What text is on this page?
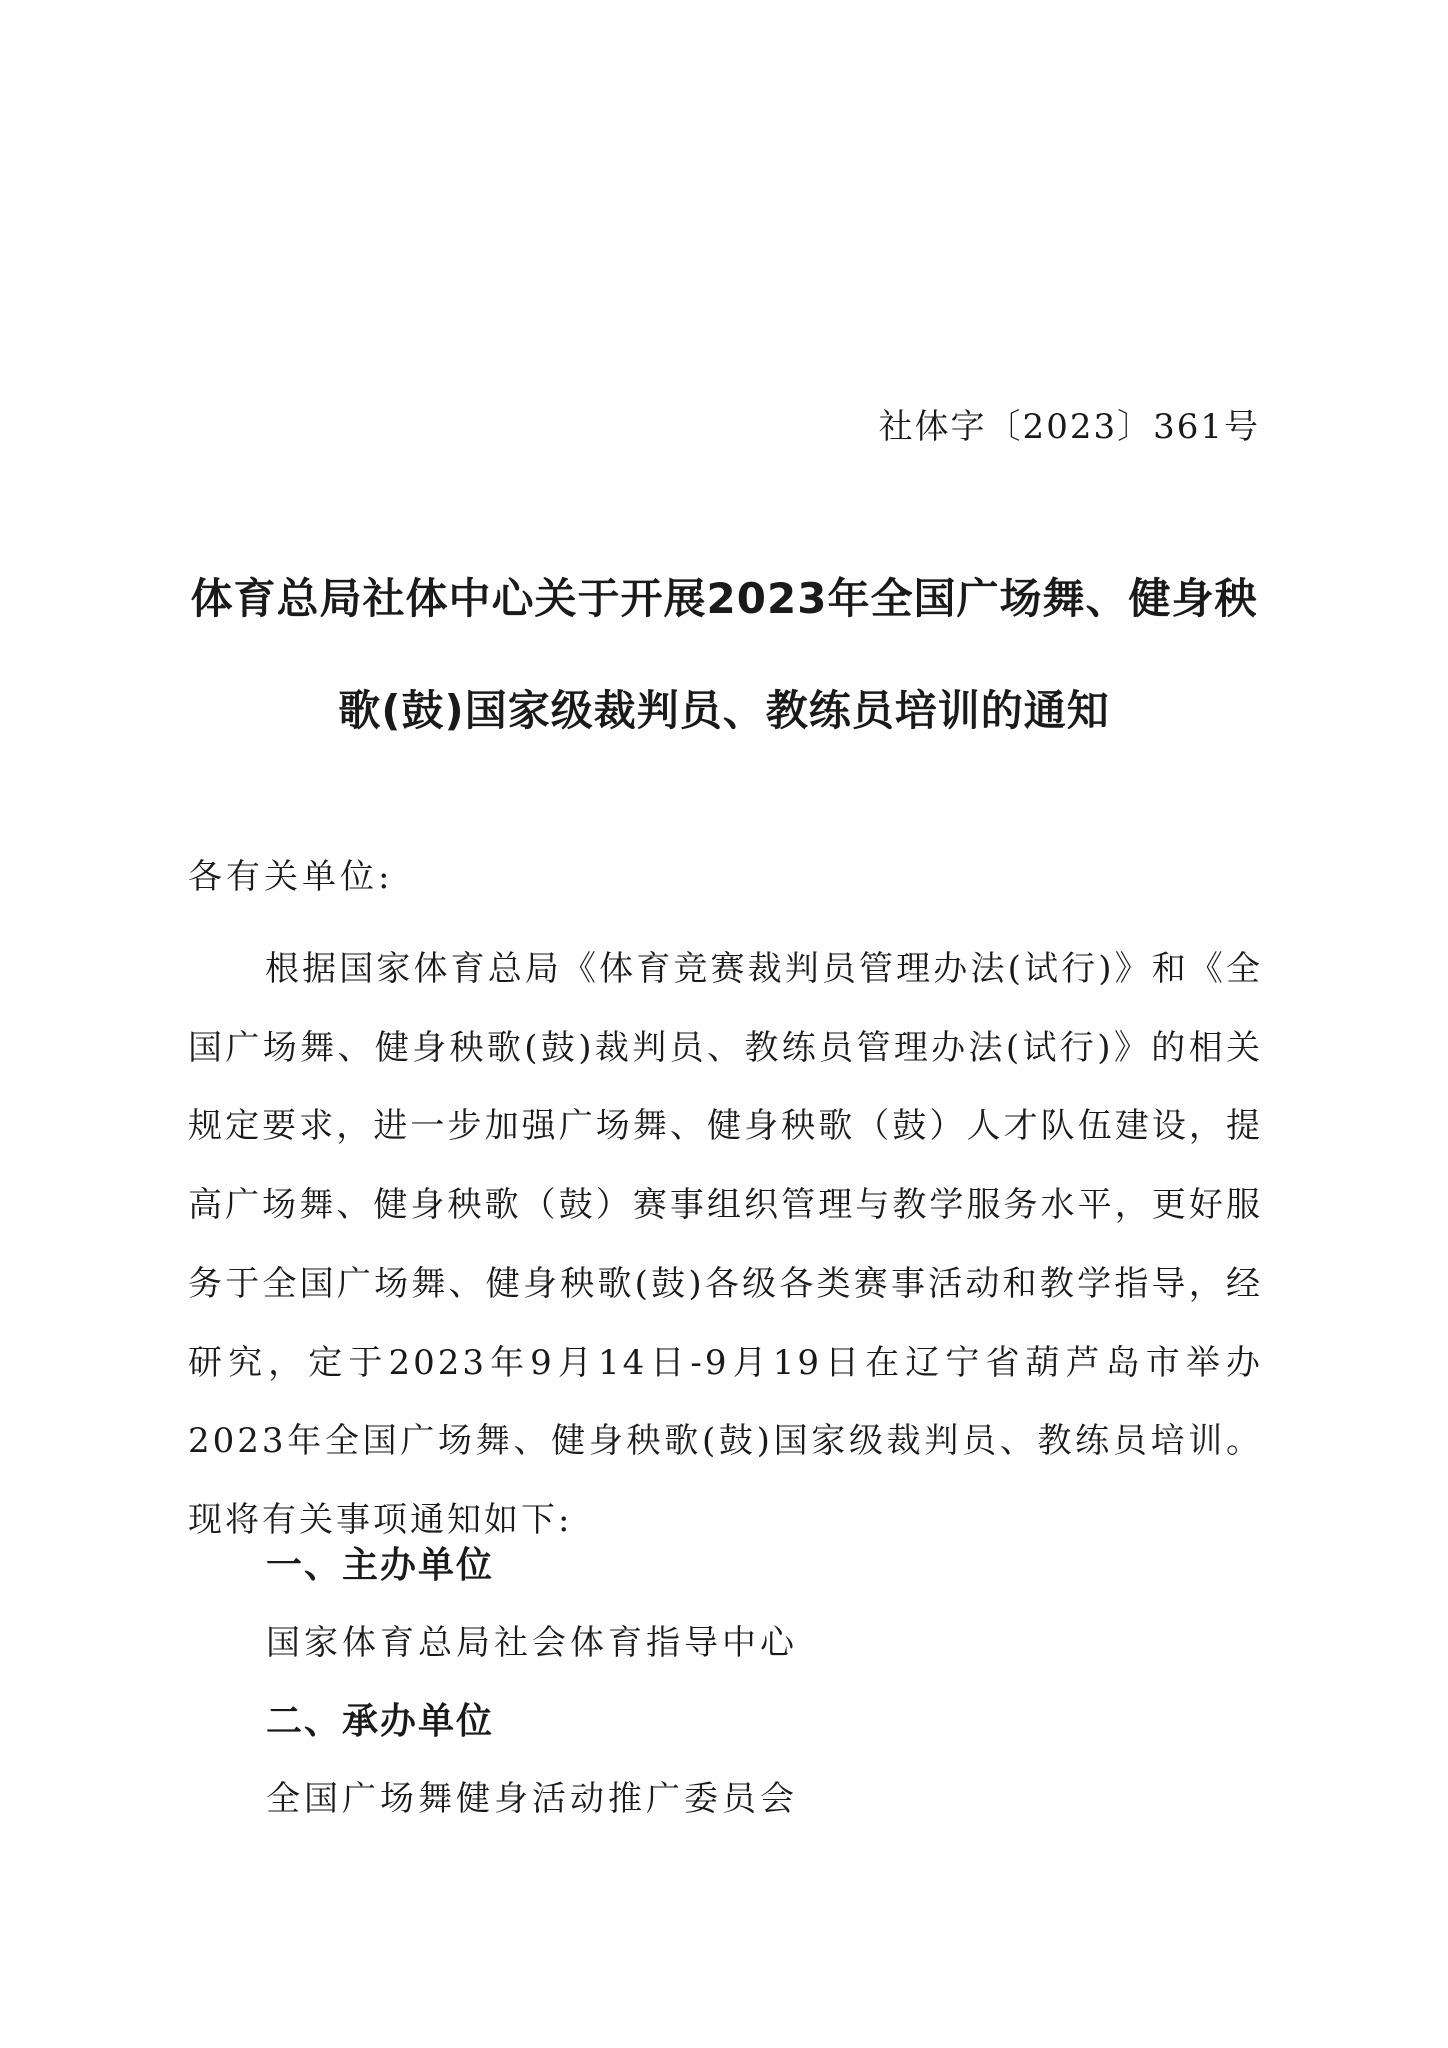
社体字〔2023〕361号
体育总局社体中心关于开展2023年全国广场舞、健身秧
歌(鼓)国家级裁判员、教练员培训的通知
各有关单位:
根据国家体育总局《体育竞赛裁判员管理办法(试行)》和《全国广场舞、健身秧歌(鼓)裁判员、教练员管理办法(试行)》的相关规定要求，进一步加强广场舞、健身秧歌（鼓）人才队伍建设，提高广场舞、健身秧歌（鼓）赛事组织管理与教学服务水平，更好服务于全国广场舞、健身秧歌(鼓)各级各类赛事活动和教学指导，经研究，定于2023年9月14日-9月19日在辽宁省葫芦岛市举办2023年全国广场舞、健身秧歌(鼓)国家级裁判员、教练员培训。现将有关事项通知如下:
一、主办单位
国家体育总局社会体育指导中心
二、承办单位
全国广场舞健身活动推广委员会
